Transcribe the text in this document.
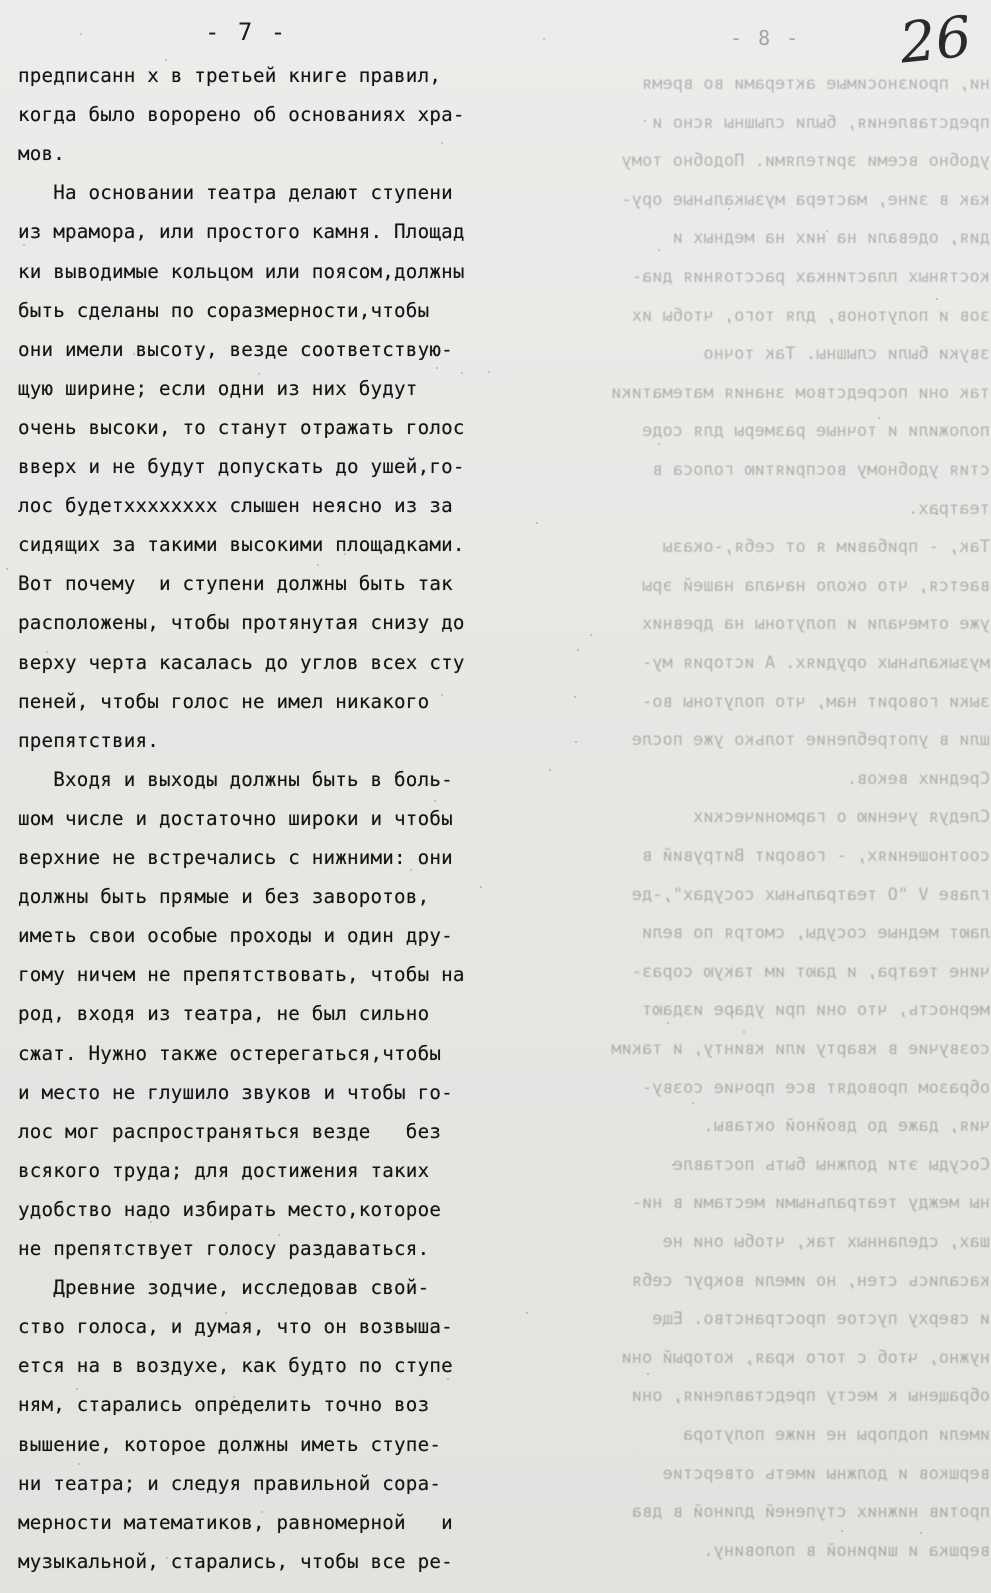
ни, произносимые актерами во время
представления, были слышны ясно и
удобно всеми зрителями. Подобно тому
как в зине, мастера музыкальные ору-
дия, одевали на них на медных и
костяных пластинках расстояния диа-
зов и полутонов, для того, чтобы их
звуки были слышны. Так точно
так они посредством знания математики
положили и точные размеры для соде
стия удобному восприятию голоса в
театрах.
Так, - прибавим я от себя,-оказы
вается, что около начала нашей эры
уже отмечали и полутоны на древних
музыкальных орудиях. А история му-
зыки говорит нам, что полутоны во-
шли в употребление только уже после
Средних веков.
Следуя учению о гармонических
соотношениях, - говорит Витрувий в
главе V "О театральных сосудах",-де
лают медные сосуды, смотря по вели
чине театра, и дают им такую сораз-
мерность, что они при ударе издают
созвучие в кварту или квинту, и таким
образом проводят все прочие созву-
чия, даже до двойной октавы.
Сосуды эти должны быть поставле
ны между театральными местами в ни-
шах, сделанных так, чтобы они не
касались стен, но имели вокруг себя
и сверху пустое пространство. Еще
нужно, чтоб с того края, который они
обращены к месту представления, они
имели подпоры не ниже полутора
вершков и должны иметь отверстие
против нижних ступеней длиной в два
вершка и шириной в половину.
- 7 -	- 8 - 26
предписанн х в третьей книге правил,
когда было ворорено об основаниях хра-
мов.
На основании театра делают ступени
из мрамора, или простого камня. Площад
ки выводимые кольцом или поясом,должны
быть сделаны по соразмерности,чтобы
они имели высоту, везде соответствую-
щую ширине; если одни из них будут
очень высоки, то станут отражать голос
вверх и не будут допускать до ушей,го-
лос будетxxxxxxxx слышен неясно из за
сидящих за такими высокими площадками.
Вот почему  и ступени должны быть так
расположены, чтобы протянутая снизу до
верху черта касалась до углов всех сту
пеней, чтобы голос не имел никакого
препятствия.
Входя и выходы должны быть в боль-
шом числе и достаточно широки и чтобы
верхние не встречались с нижними: они
должны быть прямые и без заворотов,
иметь свои особые проходы и один дру-
гому ничем не препятствовать, чтобы на
род, входя из театра, не был сильно
сжат. Нужно также остерегаться,чтобы
и место не глушило звуков и чтобы го-
лос мог распространяться везде   без
всякого труда; для достижения таких
удобство надо избирать место,которое
не препятствует голосу раздаваться.
Древние зодчие, исследовав свой-
ство голоса, и думая, что он возвыша-
ется на в воздухе, как будто по ступе
ням, старались определить точно воз
вышение, которое должны иметь ступе-
ни театра; и следуя правильной сора-
мерности математиков, равномерной   и
музыкальной, старались, чтобы все ре-
